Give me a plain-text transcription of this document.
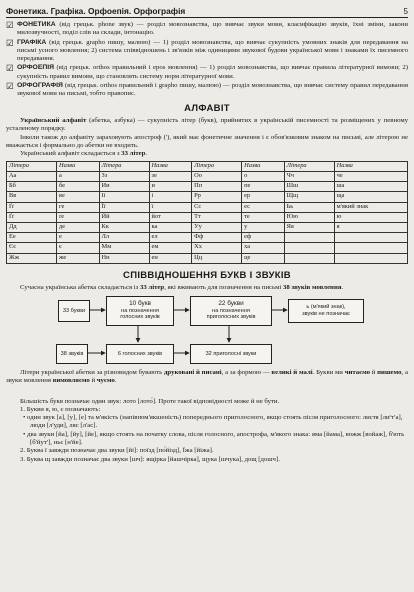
Фонетика. Графіка. Орфоепія. Орфографія	5
☑ ФОНЕТИКА (від грецьк. phone звук) — розділ мовознавства, що вивчає звуки мови, класифікацію звуків, їхні зміни, закони милозвучності, поділ слів на склади, інтонацію.
☑ ГРАФІКА (від грецьк. grapho пишу, малюю) — 1) розділ мовознавства, що вивчає сукупність умовних знаків для передавання на письмі усного мовлення; 2) система співвідношень і зв'язків між одиницями звукової будови української мови і знаками їх писемного передавання.
☑ ОРФОЕПІЯ (від грецьк. orthos правильний і epos мовлення) — 1) розділ мовознавства, що вивчає правила літературної вимови; 2) сукупність правил вимови, що становлять систему норм літературної мови.
☑ ОРФОГРАФІЯ (від грецьк. orthos правильний і grapho пишу, малюю) — розділ мовознавства, що вивчає систему правил передавання звукової мови на письмі, тобто правопис.
АЛФАВІТ
Український алфавіт (абетка, азбука) — сукупність літер (букв), прийнятих в українській писемності та розміщених у певному усталеному порядку.
Інколи також до алфавіту зараховують апостроф ('), який має фонетичне значення і є обов'язковим знаком на письмі, але літерою не вважається і формально до абетки не входить.
Український алфавіт складається з 33 літер.
Літера	Назва	Літера	Назва	Літера	Назва	Літера	Назва
Аа	а	Зз	зе	Оо	о	Чч	че
Бб	бе	Ии	и	Пп	пе	Шш	ша
Вв	ве	Іі	і	Рр	ер	Щщ	ща
Ґґ	ге	Її	ї	Сс	ес	Ьь	м'який знак
Ґґ	ґе	Йй	йот	Тт	те	Юю	ю
Дд	де	Кк	ка	Уу	у	Яя	я
Ее	е	Лл	ел	Фф	еф		
Єє	є	Мм	ем	Хх	ха		
Жж	же	Нн	ен	Цц	це		
СПІВВІДНОШЕННЯ БУКВ І ЗВУКІВ
Сучасна українська абетка складається із 33 літер, які вживають для позначення на письмі 38 звуків мовлення.
33 букви
10 букв
на позначення
голосних звуків
22 букви
на позначення
приголосних звуків
ь (м'який знак),
звуків не позначає
38 звуків	6 голосних звуків	32 приголосні звуки
Літери української абетки за різновидом бувають друковані й писані, а за формою — великі й малі. Букви ми читаємо й пишемо, а звуки мовлення вимовляємо й чуємо.
Більшість букв позначає один звук: лото [лото́]. Проте такої відповідності може й не бути.
1. Букви я, ю, є позначають:
• один звук [а], [у], [е] та м'якість (напівпом'якшеність) попереднього приголосного, якщо стоять після приголосного: листя [лиᶜт'а], люди [л'уди], ляс [л'ас].
• два звуки [йа], [йу], [йе], якщо стоять на початку слова, після голосного, апострофа, м'якого знака: яма [йама], вожж [войаж], б'ють [б'йут'], ньє [н'йе].
2. Буква ї завжди позначає два звуки [йі]: поїзд [по́йізд], Їжа [йіжа].
3. Буква щ завжди позначає два звуки [шч]: ящірка [йашчірка], щука [шчука], дощ [дошч].
